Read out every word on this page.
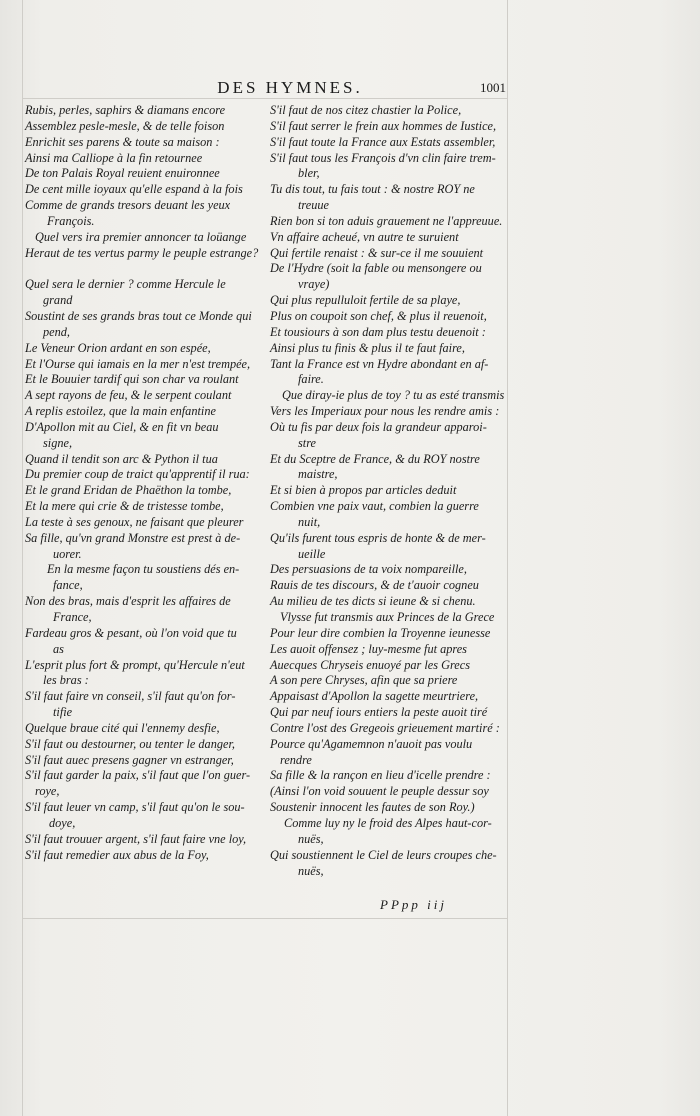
DES HYMNES.	1001
Rubis, perles, saphirs & diamans encore
Assemblez pesle-mesle, & de telle foison
Enrichit ses parens & toute sa maison :
Ainsi ma Calliope à la fin retournee
De ton Palais Royal reuient enuironnee
De cent mille ioyaux qu'elle espand à la fois
Comme de grands tresors deuant les yeux
François.
Quel vers ira premier annoncer ta loüange
Heraut de tes vertus parmy le peuple estrange?
Quel sera le dernier ? comme Hercule le
grand
Soustint de ses grands bras tout ce Monde qui
pend,
Le Veneur Orion ardant en son espée,
Et l'Ourse qui iamais en la mer n'est trempée,
Et le Bouuier tardif qui son char va roulant
A sept rayons de feu, & le serpent coulant
A replis estoilez, que la main enfantine
D'Apollon mit au Ciel, & en fit vn beau
signe,
Quand il tendit son arc & Python il tua
Du premier coup de traict qu'apprentif il rua:
Et le grand Eridan de Phaëthon la tombe,
Et la mere qui crie & de tristesse tombe,
La teste à ses genoux, ne faisant que pleurer
Sa fille, qu'vn grand Monstre est prest à de-
uorer.
En la mesme façon tu soustiens dés en-
fance,
Non des bras, mais d'esprit les affaires de
France,
Fardeau gros & pesant, où l'on void que tu
as
L'esprit plus fort & prompt, qu'Hercule n'eut
les bras :
S'il faut faire vn conseil, s'il faut qu'on for-
tifie
Quelque braue cité qui l'ennemy desfie,
S'il faut ou destourner, ou tenter le danger,
S'il faut auec presens gagner vn estranger,
S'il faut garder la paix, s'il faut que l'on guer-
roye,
S'il faut leuer vn camp, s'il faut qu'on le sou-
doye,
S'il faut trouuer argent, s'il faut faire vne loy,
S'il faut remedier aux abus de la Foy,
S'il faut de nos citez chastier la Police,
S'il faut serrer le frein aux hommes de Iustice,
S'il faut toute la France aux Estats assembler,
S'il faut tous les François d'vn clin faire trem-
bler,
Tu dis tout, tu fais tout : & nostre ROY ne
treuue
Rien bon si ton aduis grauement ne l'appreuue.
Vn affaire acheué, vn autre te suruient
Qui fertile renaist : & sur-ce il me souuient
De l'Hydre (soit la fable ou mensongere ou
vraye)
Qui plus repulluloit fertile de sa playe,
Plus on coupoit son chef, & plus il reuenoit,
Et tousiours à son dam plus testu deuenoit :
Ainsi plus tu finis & plus il te faut faire,
Tant la France est vn Hydre abondant en af-
faire.
Que diray-ie plus de toy ? tu as esté transmis
Vers les Imperiaux pour nous les rendre amis :
Où tu fis par deux fois la grandeur apparoi-
stre
Et du Sceptre de France, & du ROY nostre
maistre,
Et si bien à propos par articles deduit
Combien vne paix vaut, combien la guerre
nuit,
Qu'ils furent tous espris de honte & de mer-
ueille
Des persuasions de ta voix nompareille,
Rauis de tes discours, & de t'auoir cogneu
Au milieu de tes dicts si ieune & si chenu.
Vlysse fut transmis aux Princes de la Grece
Pour leur dire combien la Troyenne ieunesse
Les auoit offensez ; luy-mesme fut apres
Auecques Chryseis enuoyé par les Grecs
A son pere Chryses, afin que sa priere
Appaisast d'Apollon la sagette meurtriere,
Qui par neuf iours entiers la peste auoit tiré
Contre l'ost des Gregeois grieuement martiré :
Pource qu'Agamemnon n'auoit pas voulu
rendre
Sa fille & la rançon en lieu d'icelle prendre :
(Ainsi l'on void souuent le peuple dessur soy
Soustenir innocent les fautes de son Roy.)
Comme luy ny le froid des Alpes haut-cor-
nuës,
Qui soustiennent le Ciel de leurs croupes che-
nuës,
PPpp iij
